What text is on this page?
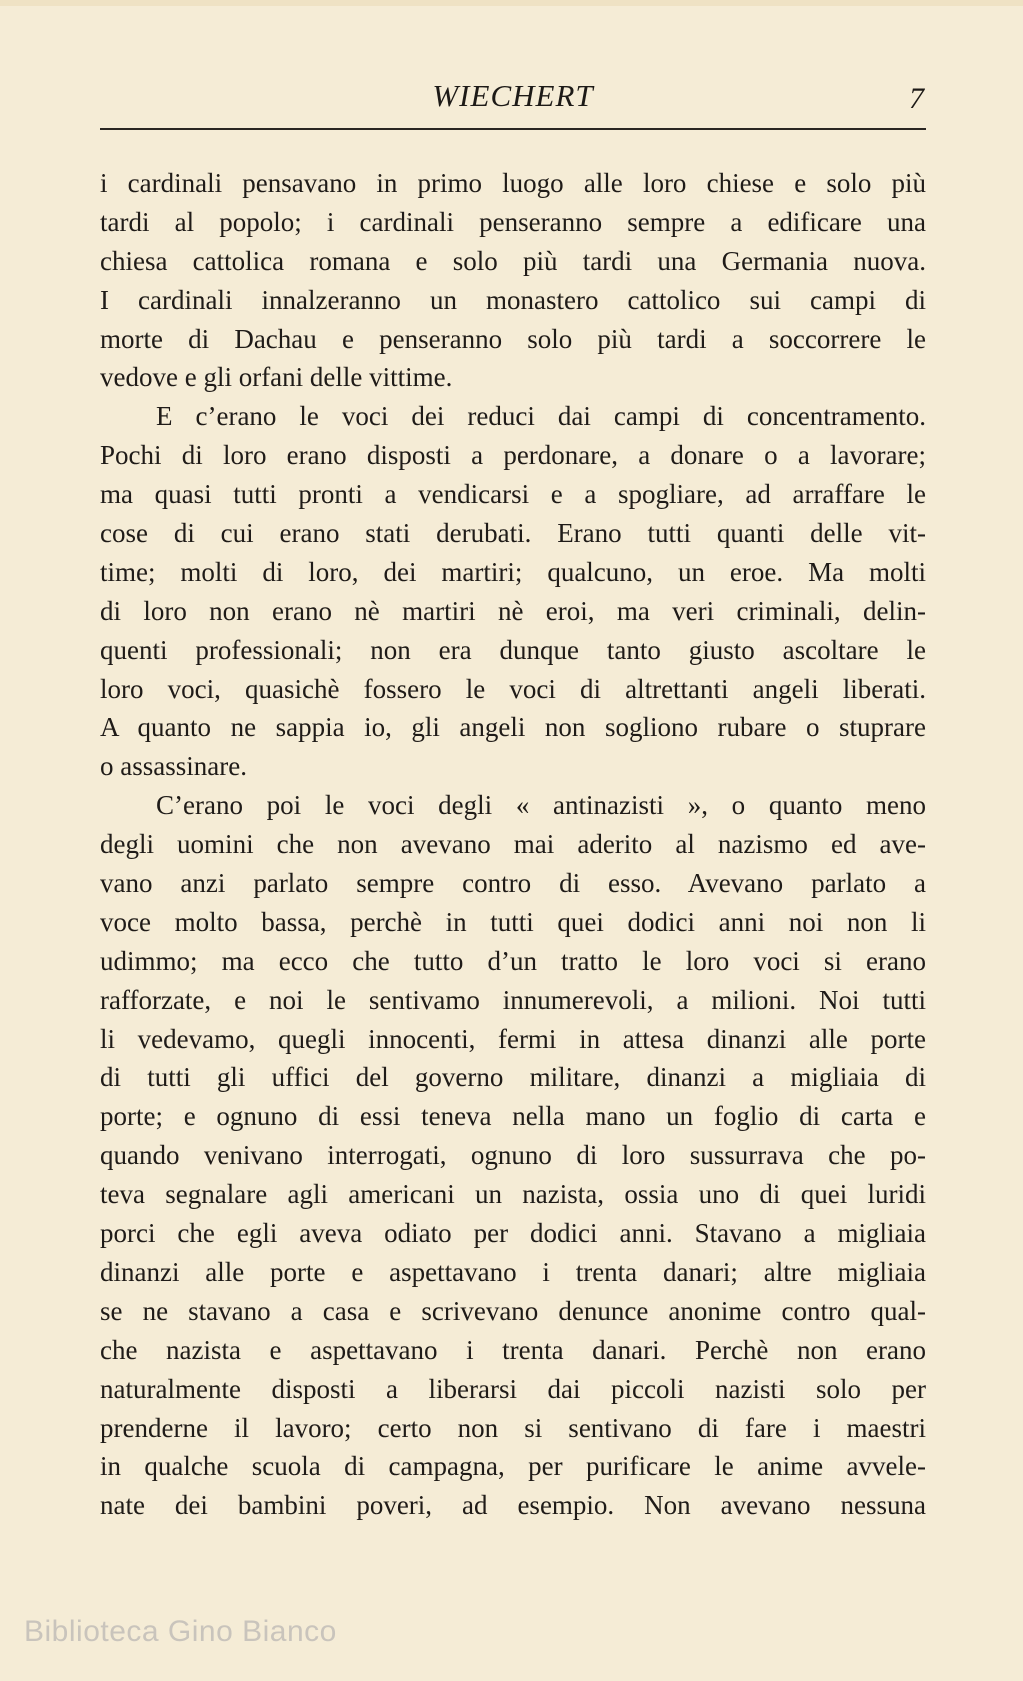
WIECHERT	7
i cardinali pensavano in primo luogo alle loro chiese e solo più
tardi al popolo; i cardinali penseranno sempre a edificare una
chiesa cattolica romana e solo più tardi una Germania nuova.
I cardinali innalzeranno un monastero cattolico sui campi di
morte di Dachau e penseranno solo più tardi a soccorrere le
vedove e gli orfani delle vittime.
E c’erano le voci dei reduci dai campi di concentramento.
Pochi di loro erano disposti a perdonare, a donare o a lavorare;
ma quasi tutti pronti a vendicarsi e a spogliare, ad arraffare le
cose di cui erano stati derubati. Erano tutti quanti delle vit-
time; molti di loro, dei martiri; qualcuno, un eroe. Ma molti
di loro non erano nè martiri nè eroi, ma veri criminali, delin-
quenti professionali; non era dunque tanto giusto ascoltare le
loro voci, quasichè fossero le voci di altrettanti angeli liberati.
A quanto ne sappia io, gli angeli non sogliono rubare o stuprare
o assassinare.
C’erano poi le voci degli « antinazisti », o quanto meno
degli uomini che non avevano mai aderito al nazismo ed ave-
vano anzi parlato sempre contro di esso. Avevano parlato a
voce molto bassa, perchè in tutti quei dodici anni noi non li
udimmo; ma ecco che tutto d’un tratto le loro voci si erano
rafforzate, e noi le sentivamo innumerevoli, a milioni. Noi tutti
li vedevamo, quegli innocenti, fermi in attesa dinanzi alle porte
di tutti gli uffici del governo militare, dinanzi a migliaia di
porte; e ognuno di essi teneva nella mano un foglio di carta e
quando venivano interrogati, ognuno di loro sussurrava che po-
teva segnalare agli americani un nazista, ossia uno di quei luridi
porci che egli aveva odiato per dodici anni. Stavano a migliaia
dinanzi alle porte e aspettavano i trenta danari; altre migliaia
se ne stavano a casa e scrivevano denunce anonime contro qual-
che nazista e aspettavano i trenta danari. Perchè non erano
naturalmente disposti a liberarsi dai piccoli nazisti solo per
prenderne il lavoro; certo non si sentivano di fare i maestri
in qualche scuola di campagna, per purificare le anime avvele-
nate dei bambini poveri, ad esempio. Non avevano nessuna
Biblioteca Gino Bianco
